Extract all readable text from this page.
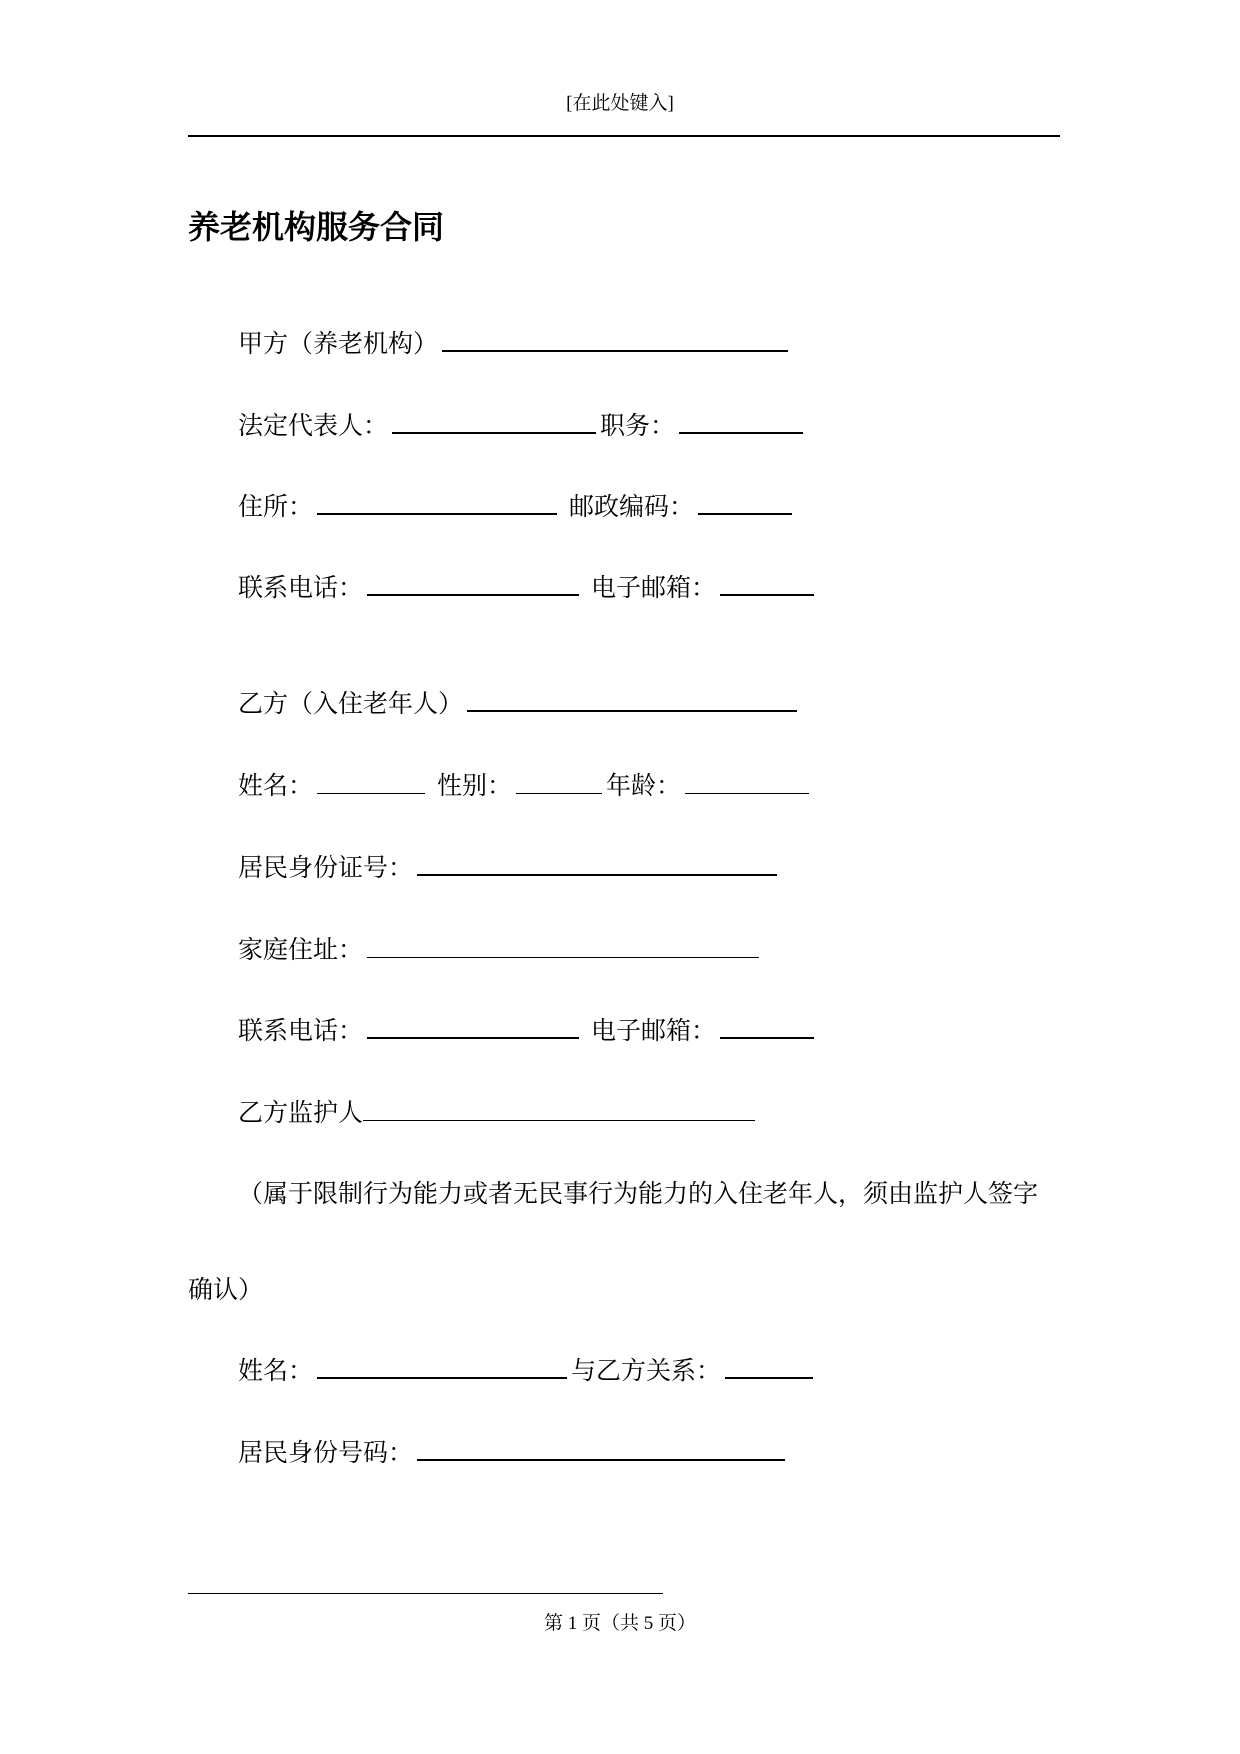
[在此处键入]
养老机构服务合同
甲方（养老机构）
法定代表人：	职务：
住所：	邮政编码：
联系电话：	电子邮箱：
乙方（入住老年人）
姓名：	性别：	年龄：
居民身份证号：
家庭住址：
联系电话：	电子邮箱：
乙方监护人
（属于限制行为能力或者无民事行为能力的入住老年人，须由监护人签字
确认）
姓名：	与乙方关系：
居民身份号码：
第 1 页（共 5 页）
